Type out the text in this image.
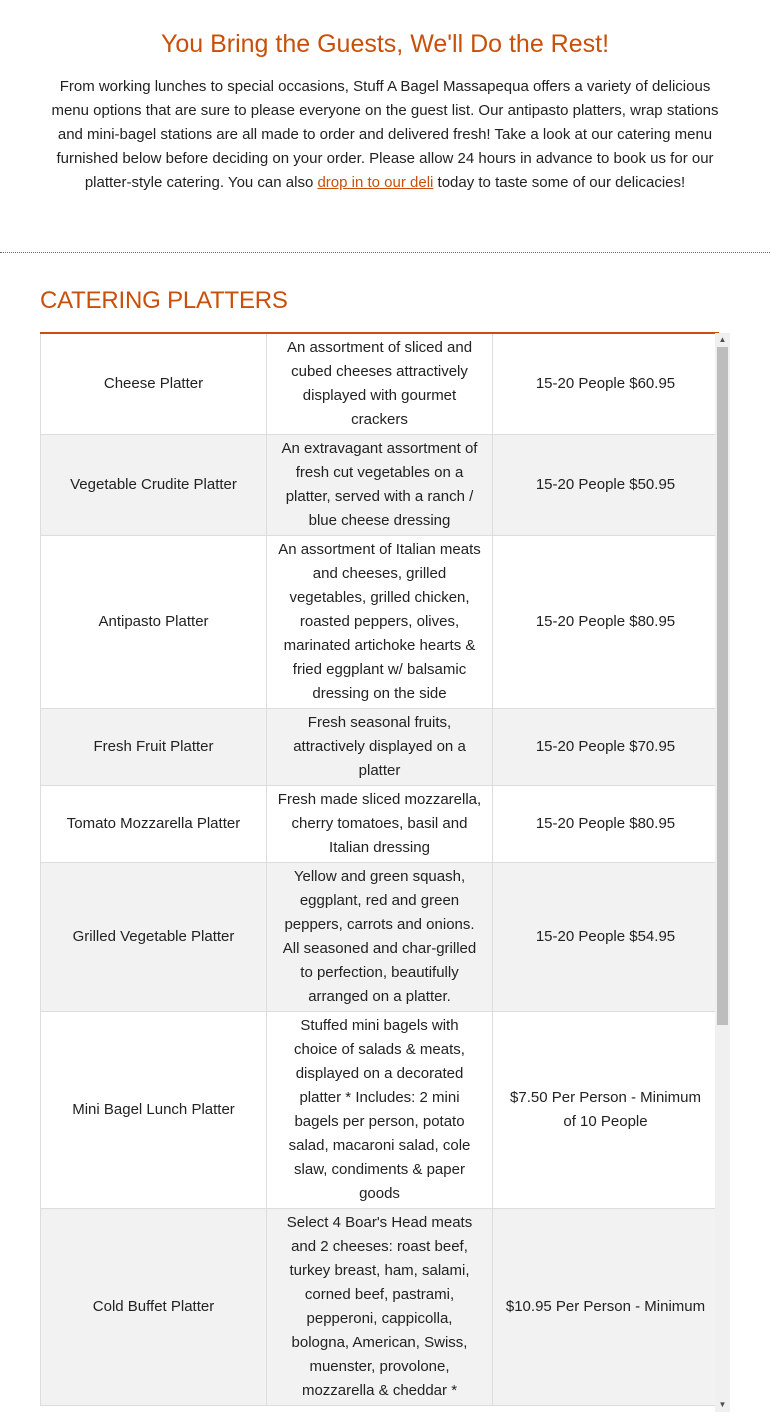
You Bring the Guests, We'll Do the Rest!

From working lunches to special occasions, Stuff A Bagel Massapequa offers a variety of delicious menu options that are sure to please everyone on the guest list. Our antipasto platters, wrap stations and mini-bagel stations are all made to order and delivered fresh! Take a look at our catering menu furnished below before deciding on your order. Please allow 24 hours in advance to book us for our platter-style catering. You can also drop in to our deli today to taste some of our delicacies!

CATERING PLATTERS
Cheese Platter	An assortment of sliced and cubed cheeses attractively displayed with gourmet crackers	15-20 People $60.95
Vegetable Crudite Platter	An extravagant assortment of fresh cut vegetables on a platter, served with a ranch / blue cheese dressing	15-20 People $50.95
Antipasto Platter	An assortment of Italian meats and cheeses, grilled vegetables, grilled chicken, roasted peppers, olives, marinated artichoke hearts & fried eggplant w/ balsamic dressing on the side	15-20 People $80.95
Fresh Fruit Platter	Fresh seasonal fruits, attractively displayed on a platter	15-20 People $70.95
Tomato Mozzarella Platter	Fresh made sliced mozzarella, cherry tomatoes, basil and Italian dressing	15-20 People $80.95
Grilled Vegetable Platter	Yellow and green squash, eggplant, red and green peppers, carrots and onions. All seasoned and char-grilled to perfection, beautifully arranged on a platter.	15-20 People $54.95
Mini Bagel Lunch Platter	Stuffed mini bagels with choice of salads & meats, displayed on a decorated platter * Includes: 2 mini bagels per person, potato salad, macaroni salad, cole slaw, condiments & paper goods	$7.50 Per Person - Minimum of 10 People
Cold Buffet Platter	Select 4 Boar's Head meats and 2 cheeses: roast beef, turkey breast, ham, salami, corned beef, pastrami, pepperoni, cappicolla, bologna, American, Swiss, muenster, provolone, mozzarella & cheddar *	$10.95 Per Person - Minimum
▲
▼
